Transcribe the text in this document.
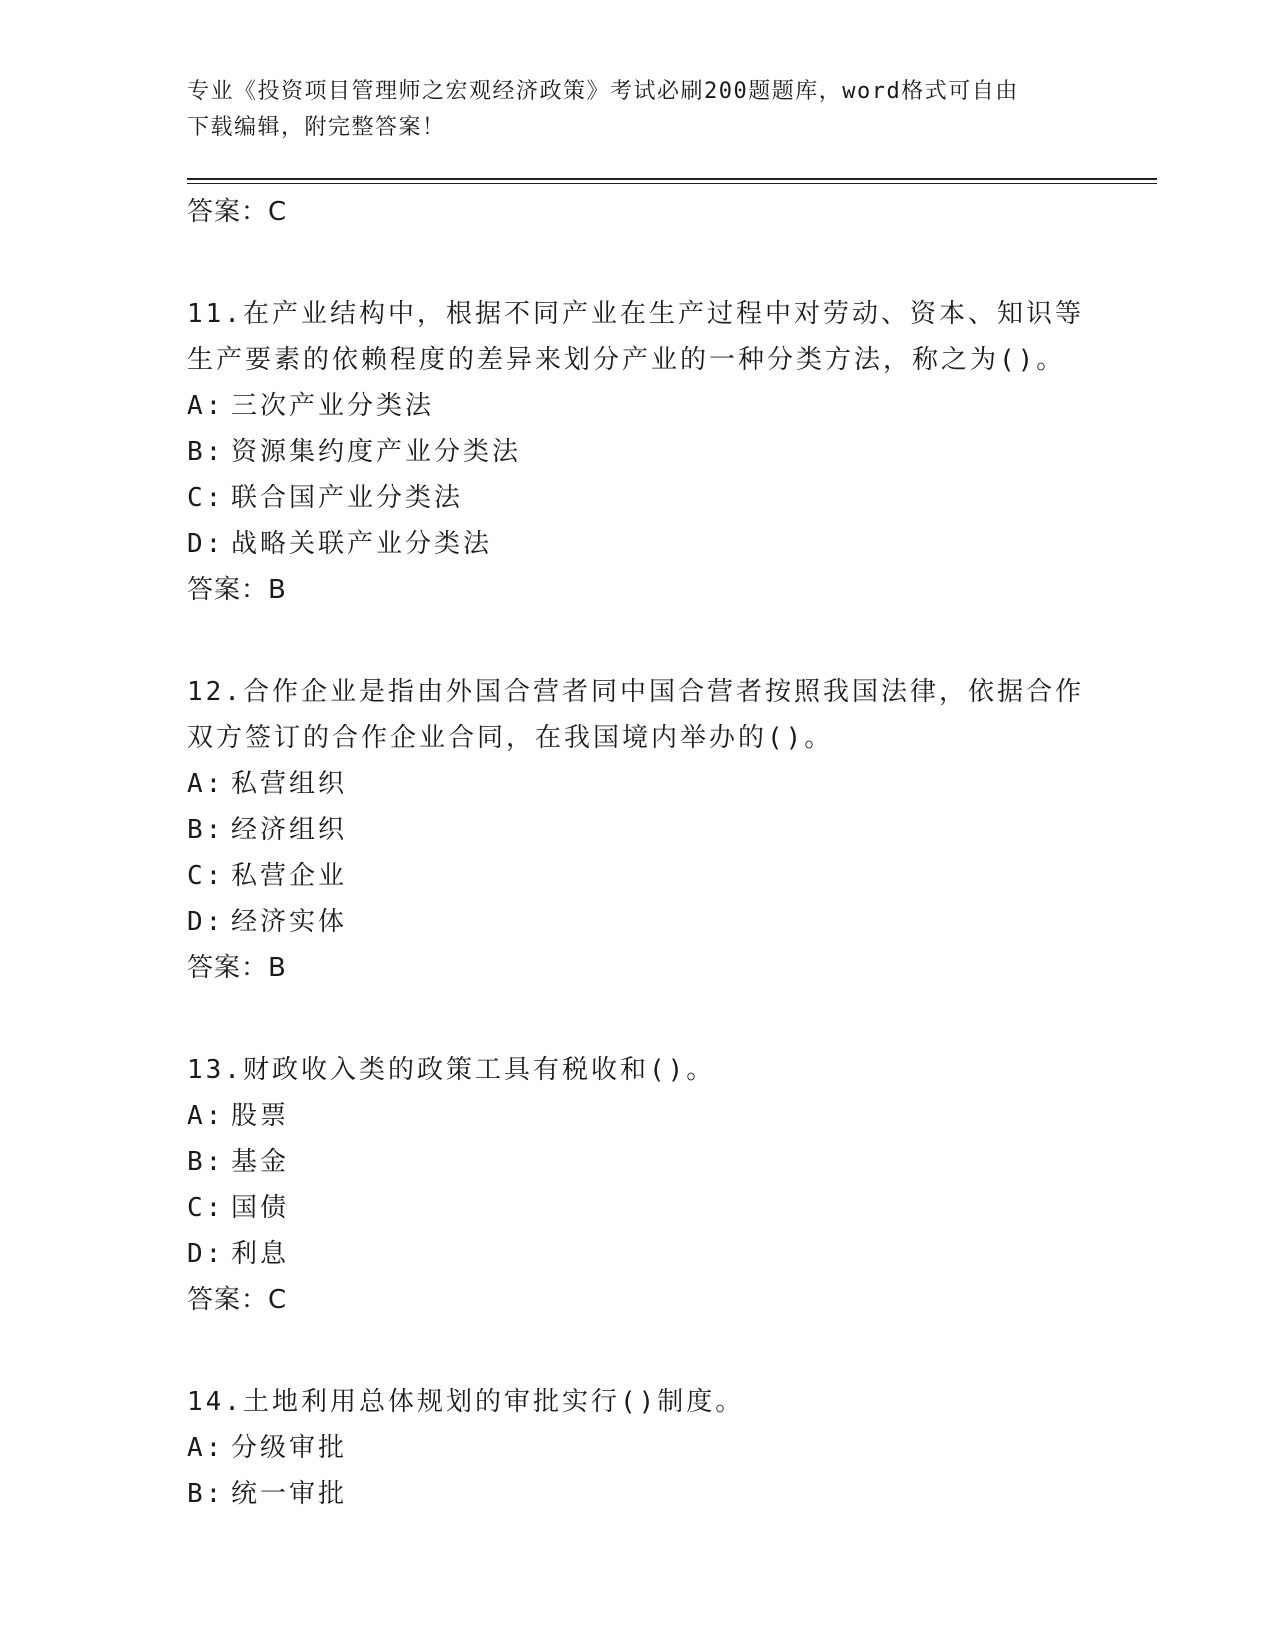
专业《投资项目管理师之宏观经济政策》考试必刷200题题库，word格式可自由
下载编辑，附完整答案！
答案：C
11.在产业结构中，根据不同产业在生产过程中对劳动、资本、知识等
生产要素的依赖程度的差异来划分产业的一种分类方法，称之为()。
A: 三次产业分类法
B: 资源集约度产业分类法
C: 联合国产业分类法
D: 战略关联产业分类法
答案：B
12.合作企业是指由外国合营者同中国合营者按照我国法律，依据合作
双方签订的合作企业合同，在我国境内举办的()。
A: 私营组织
B: 经济组织
C: 私营企业
D: 经济实体
答案：B
13.财政收入类的政策工具有税收和()。
A: 股票
B: 基金
C: 国债
D: 利息
答案：C
14.土地利用总体规划的审批实行()制度。
A: 分级审批
B: 统一审批
